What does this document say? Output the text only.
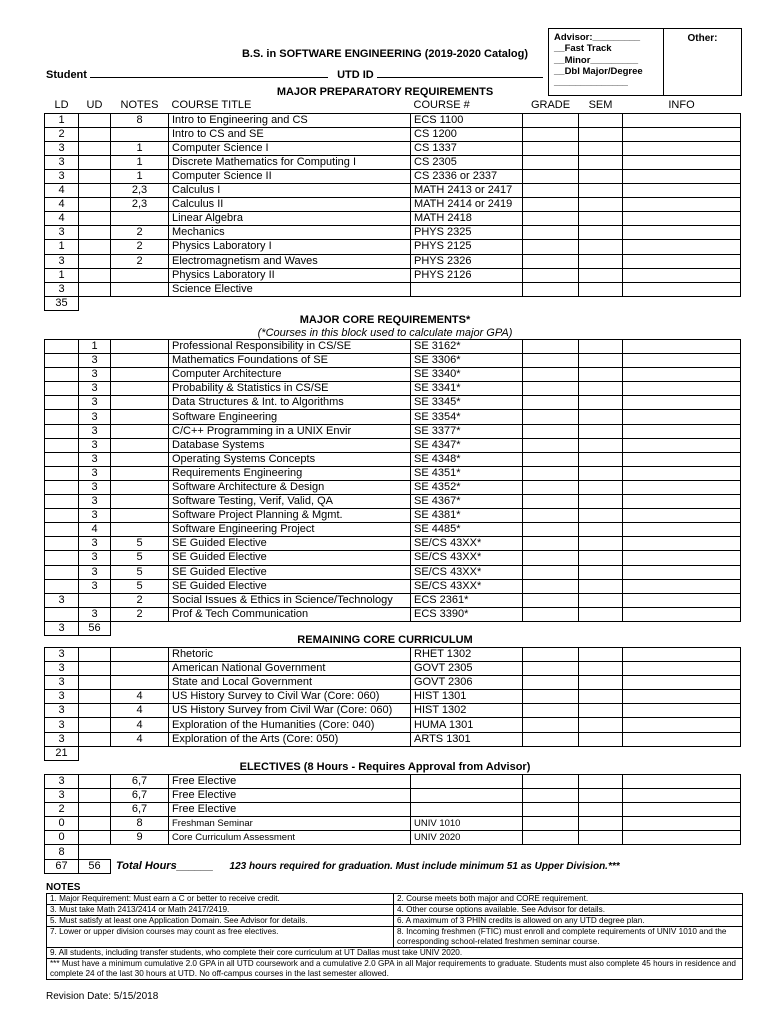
Advisor:_________
__Fast Track
__Minor_________
__Dbl Major/Degree
______________
Other:
B.S. in SOFTWARE ENGINEERING (2019-2020 Catalog)
Student	UTD ID
MAJOR PREPARATORY REQUIREMENTS
LD	UD	NOTES	COURSE TITLE	COURSE #	GRADE	SEM	INFO
1		8	Intro to Engineering and CS	ECS 1100			
2			Intro to CS and SE	CS 1200			
3		1	Computer Science I	CS 1337			
3		1	Discrete Mathematics for Computing I	CS 2305			
3		1	Computer Science II	CS 2336 or 2337			
4		2,3	Calculus I	MATH 2413 or 2417			
4		2,3	Calculus II	MATH 2414 or 2419			
4			Linear Algebra	MATH 2418			
3		2	Mechanics	PHYS 2325			
1		2	Physics Laboratory I	PHYS 2125			
3		2	Electromagnetism and Waves	PHYS 2326			
1			Physics Laboratory II	PHYS 2126			
3			Science Elective				
35							
MAJOR CORE REQUIREMENTS*
(*Courses in this block used to calculate major GPA)
	1		Professional Responsibility in CS/SE	SE 3162*			
	3		Mathematics Foundations of SE	SE 3306*			
	3		Computer Architecture	SE 3340*			
	3		Probability & Statistics in CS/SE	SE 3341*			
	3		Data Structures & Int. to Algorithms	SE 3345*			
	3		Software Engineering	SE 3354*			
	3		C/C++ Programming in a UNIX Envir	SE 3377*			
	3		Database Systems	SE 4347*			
	3		Operating Systems Concepts	SE 4348*			
	3		Requirements Engineering	SE 4351*			
	3		Software Architecture & Design	SE 4352*			
	3		Software Testing, Verif, Valid, QA	SE 4367*			
	3		Software Project Planning & Mgmt.	SE 4381*			
	4		Software Engineering Project	SE 4485*			
	3	5	SE Guided Elective	SE/CS 43XX*			
	3	5	SE Guided Elective	SE/CS 43XX*			
	3	5	SE Guided Elective	SE/CS 43XX*			
	3	5	SE Guided Elective	SE/CS 43XX*			
3		2	Social Issues & Ethics in Science/Technology	ECS 2361*			
	3	2	Prof & Tech Communication	ECS 3390*			
3	56						
REMAINING CORE CURRICULUM
3			Rhetoric	RHET 1302			
3			American National Government	GOVT 2305			
3			State and Local Government	GOVT 2306			
3		4	US History Survey to Civil War (Core: 060)	HIST 1301			
3		4	US History Survey from Civil War (Core: 060)	HIST 1302			
3		4	Exploration of the Humanities (Core: 040)	HUMA 1301			
3		4	Exploration of the Arts (Core: 050)	ARTS 1301			
21							
ELECTIVES (8 Hours - Requires Approval from Advisor)
3		6,7	Free Elective				
3		6,7	Free Elective				
2		6,7	Free Elective				
0		8	Freshman Seminar	UNIV 1010			
0		9	Core Curriculum Assessment	UNIV 2020			
8							
67	56	Total Hours______ 123 hours required for graduation. Must include minimum 51 as Upper Division.***					
NOTES
1. Major Requirement: Must earn a C or better to receive credit.	2. Course meets both major and CORE requirement.
3. Must take Math 2413/2414 or Math 2417/2419.	4. Other course options available. See Advisor for details.
5. Must satisfy at least one Application Domain. See Advisor for details.	6. A maximum of 3 PHIN credits is allowed on any UTD degree plan.
7. Lower or upper division courses may count as free electives.	8. Incoming freshmen (FTIC) must enroll and complete requirements of UNIV 1010 and the corresponding school-related freshmen seminar course.
9. All students, including transfer students, who complete their core curriculum at UT Dallas must take UNIV 2020.	
*** Must have a minimum cumulative 2.0 GPA in all UTD coursework and a cumulative 2.0 GPA in all Major requirements to graduate. Students must also complete 45 hours in residence and complete 24 of the last 30 hours at UTD. No off-campus courses in the last semester allowed.	
Revision Date: 5/15/2018
